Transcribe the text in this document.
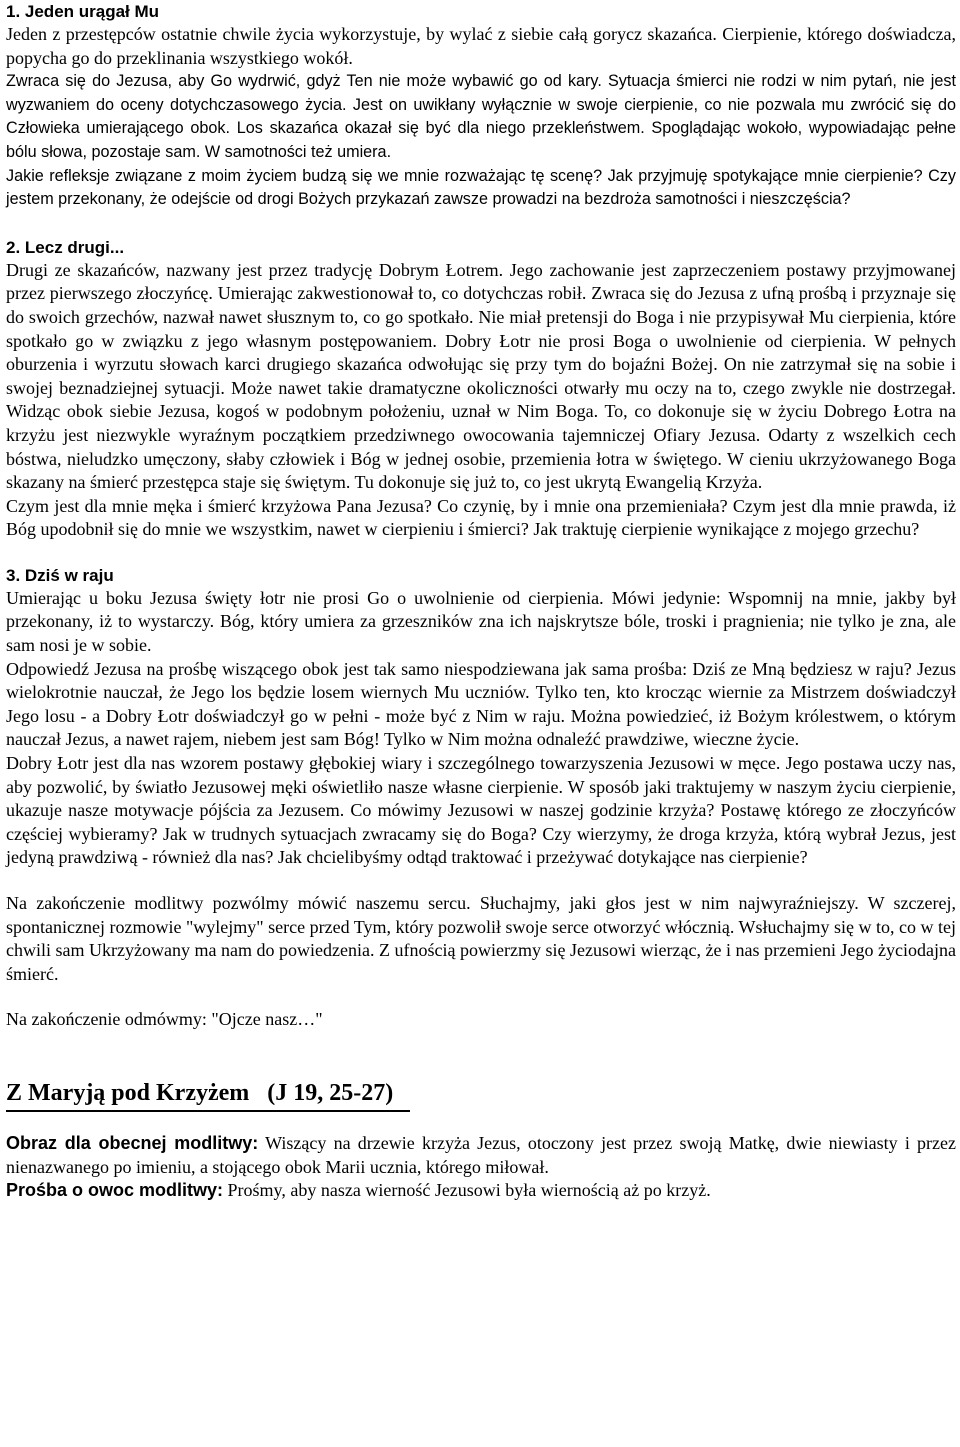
1. Jeden urągał Mu

Jeden z przestępców ostatnie chwile życia wykorzystuje, by wylać z siebie całą gorycz skazańca. Cierpienie, którego doświadcza, popycha go do przeklinania wszystkiego wokół.

Zwraca się do Jezusa, aby Go wydrwić, gdyż Ten nie może wybawić go od kary. Sytuacja śmierci nie rodzi w nim pytań, nie jest wyzwaniem do oceny dotychczasowego życia. Jest on uwikłany wyłącznie w swoje cierpienie, co nie pozwala mu zwrócić się do Człowieka umierającego obok. Los skazańca okazał się być dla niego przekleństwem. Spoglądając wokoło, wypowiadając pełne bólu słowa, pozostaje sam. W samotności też umiera.

Jakie refleksje związane z moim życiem budzą się we mnie rozważając tę scenę? Jak przyjmuję spotykające mnie cierpienie? Czy jestem przekonany, że odejście od drogi Bożych przykazań zawsze prowadzi na bezdroża samotności i nieszczęścia?

2. Lecz drugi...

Drugi ze skazańców, nazwany jest przez tradycję Dobrym Łotrem. Jego zachowanie jest zaprzeczeniem postawy przyjmowanej przez pierwszego złoczyńcę. Umierając zakwestionował to, co dotychczas robił. Zwraca się do Jezusa z ufną prośbą i przyznaje się do swoich grzechów, nazwał nawet słusznym to, co go spotkało. Nie miał pretensji do Boga i nie przypisywał Mu cierpienia, które spotkało go w związku z jego własnym postępowaniem. Dobry Łotr nie prosi Boga o uwolnienie od cierpienia. W pełnych oburzenia i wyrzutu słowach karci drugiego skazańca odwołując się przy tym do bojaźni Bożej. On nie zatrzymał się na sobie i swojej beznadziejnej sytuacji. Może nawet takie dramatyczne okoliczności otwarły mu oczy na to, czego zwykle nie dostrzegał. Widząc obok siebie Jezusa, kogoś w podobnym położeniu, uznał w Nim Boga. To, co dokonuje się w życiu Dobrego Łotra na krzyżu jest niezwykle wyraźnym początkiem przedziwnego owocowania tajemniczej Ofiary Jezusa. Odarty z wszelkich cech bóstwa, nieludzko umęczony, słaby człowiek i Bóg w jednej osobie, przemienia łotra w świętego. W cieniu ukrzyżowanego Boga skazany na śmierć przestępca staje się świętym. Tu dokonuje się już to, co jest ukrytą Ewangelią Krzyża.

Czym jest dla mnie męka i śmierć krzyżowa Pana Jezusa? Co czynię, by i mnie ona przemieniała? Czym jest dla mnie prawda, iż Bóg upodobnił się do mnie we wszystkim, nawet w cierpieniu i śmierci? Jak traktuję cierpienie wynikające z mojego grzechu?

3. Dziś w raju

Umierając u boku Jezusa święty łotr nie prosi Go o uwolnienie od cierpienia. Mówi jedynie: Wspomnij na mnie, jakby był przekonany, iż to wystarczy. Bóg, który umiera za grzeszników zna ich najskrytsze bóle, troski i pragnienia; nie tylko je zna, ale sam nosi je w sobie.

Odpowiedź Jezusa na prośbę wiszącego obok jest tak samo niespodziewana jak sama prośba: Dziś ze Mną będziesz w raju? Jezus wielokrotnie nauczał, że Jego los będzie losem wiernych Mu uczniów. Tylko ten, kto krocząc wiernie za Mistrzem doświadczył Jego losu - a Dobry Łotr doświadczył go w pełni - może być z Nim w raju. Można powiedzieć, iż Bożym królestwem, o którym nauczał Jezus, a nawet rajem, niebem jest sam Bóg! Tylko w Nim można odnaleźć prawdziwe, wieczne życie.

Dobry Łotr jest dla nas wzorem postawy głębokiej wiary i szczególnego towarzyszenia Jezusowi w męce. Jego postawa uczy nas, aby pozwolić, by światło Jezusowej męki oświetliło nasze własne cierpienie. W sposób jaki traktujemy w naszym życiu cierpienie, ukazuje nasze motywacje pójścia za Jezusem. Co mówimy Jezusowi w naszej godzinie krzyża? Postawę którego ze złoczyńców częściej wybieramy? Jak w trudnych sytuacjach zwracamy się do Boga? Czy wierzymy, że droga krzyża, którą wybrał Jezus, jest jedyną prawdziwą - również dla nas? Jak chcielibyśmy odtąd traktować i przeżywać dotykające nas cierpienie?

Na zakończenie modlitwy pozwólmy mówić naszemu sercu. Słuchajmy, jaki głos jest w nim najwyraźniejszy. W szczerej, spontanicznej rozmowie "wylejmy" serce przed Tym, który pozwolił swoje serce otworzyć włócznią. Wsłuchajmy się w to, co w tej chwili sam Ukrzyżowany ma nam do powiedzenia. Z ufnością powierzmy się Jezusowi wierząc, że i nas przemieni Jego życiodajna śmierć.

Na zakończenie odmówmy: "Ojcze nasz…"

Z Maryją pod Krzyżem   (J 19, 25-27)

Obraz dla obecnej modlitwy: Wiszący na drzewie krzyża Jezus, otoczony jest przez swoją Matkę, dwie niewiasty i przez nienazwanego po imieniu, a stojącego obok Marii ucznia, którego miłował.

Prośba o owoc modlitwy: Prośmy, aby nasza wierność Jezusowi była wiernością aż po krzyż.
